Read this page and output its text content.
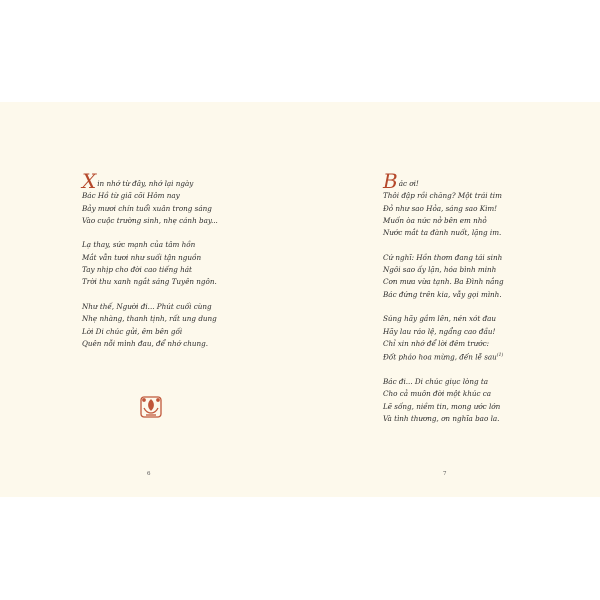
Xin nhớ từ đây, nhớ lại ngày
Bác Hồ từ giã cõi Hôm nay
Bảy mươi chín tuổi xuân trong sáng
Vào cuộc trường sinh, nhẹ cánh bay...
Lạ thay, sức mạnh của tâm hồn
Mắt vẫn tươi như suối tận nguồn
Tay nhịp cho đời cao tiếng hát
Trời thu xanh ngắt sáng Tuyên ngôn.
Như thế, Người đi... Phút cuối cùng
Nhẹ nhàng, thanh tịnh, rất ung dung
Lời Di chúc gửi, êm bên gối
Quên nỗi mình đau, để nhớ chung.
6
Bác ơi!
Thôi đập rồi chăng? Một trái tim
Đỏ như sao Hỏa, sáng sao Kim!
Muốn òa nức nở bên em nhỏ
Nước mắt ta đành nuốt, lặng im.
Cứ nghĩ: Hồn thơm đang tái sinh
Ngôi sao ấy lặn, hóa bình minh
Cơn mưa vừa tạnh. Ba Đình nắng
Bác đứng trên kia, vẫy gọi mình.
Súng hãy gầm lên, nén xót đau
Hãy lau ráo lệ, ngẩng cao đầu!
Chỉ xin nhớ để lời đêm trước:
Đốt pháo hoa mừng, đến lễ sau$^{(1)}$
Bác đi... Di chúc giục lòng ta
Cho cả muôn đời một khúc ca
Lẽ sống, niềm tin, mong ước lớn
Và tình thương, ơn nghĩa bao la.
7
